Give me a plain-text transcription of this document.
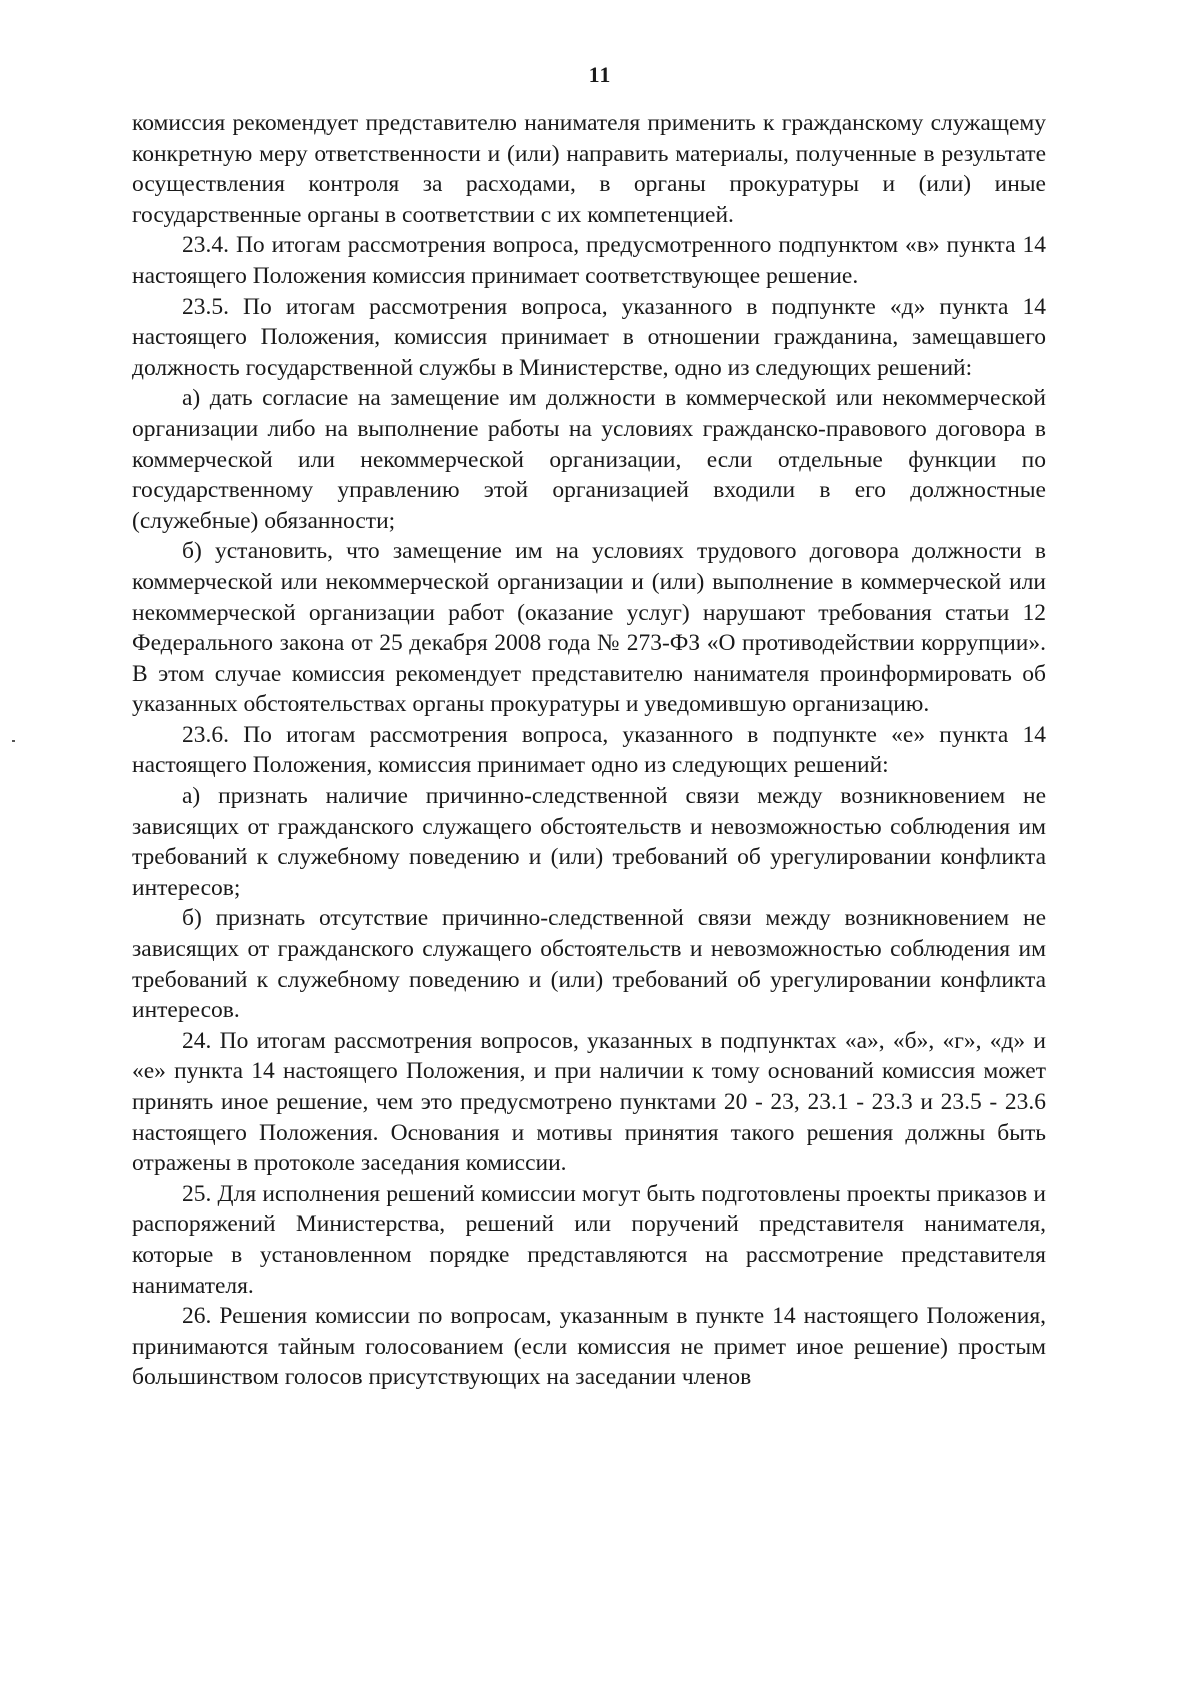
11

комиссия рекомендует представителю нанимателя применить к гражданскому служащему конкретную меру ответственности и (или) направить материалы, полученные в результате осуществления контроля за расходами, в органы прокуратуры и (или) иные государственные органы в соответствии с их компетенцией.

23.4. По итогам рассмотрения вопроса, предусмотренного подпунктом «в» пункта 14 настоящего Положения комиссия принимает соответствующее решение.

23.5. По итогам рассмотрения вопроса, указанного в подпункте «д» пункта 14 настоящего Положения, комиссия принимает в отношении гражданина, замещавшего должность государственной службы в Министерстве, одно из следующих решений:

а) дать согласие на замещение им должности в коммерческой или некоммерческой организации либо на выполнение работы на условиях гражданско-правового договора в коммерческой или некоммерческой организации, если отдельные функции по государственному управлению этой организацией входили в его должностные (служебные) обязанности;

б) установить, что замещение им на условиях трудового договора должности в коммерческой или некоммерческой организации и (или) выполнение в коммерческой или некоммерческой организации работ (оказание услуг) нарушают требования статьи 12 Федерального закона от 25 декабря 2008 года № 273-ФЗ «О противодействии коррупции». В этом случае комиссия рекомендует представителю нанимателя проинформировать об указанных обстоятельствах органы прокуратуры и уведомившую организацию.

23.6. По итогам рассмотрения вопроса, указанного в подпункте «е» пункта 14 настоящего Положения, комиссия принимает одно из следующих решений:

а) признать наличие причинно-следственной связи между возникновением не зависящих от гражданского служащего обстоятельств и невозможностью соблюдения им требований к служебному поведению и (или) требований об урегулировании конфликта интересов;

б) признать отсутствие причинно-следственной связи между возникновением не зависящих от гражданского служащего обстоятельств и невозможностью соблюдения им требований к служебному поведению и (или) требований об урегулировании конфликта интересов.

24. По итогам рассмотрения вопросов, указанных в подпунктах «а», «б», «г», «д» и «е» пункта 14 настоящего Положения, и при наличии к тому оснований комиссия может принять иное решение, чем это предусмотрено пунктами 20 - 23, 23.1 - 23.3 и 23.5 - 23.6 настоящего Положения. Основания и мотивы принятия такого решения должны быть отражены в протоколе заседания комиссии.

25. Для исполнения решений комиссии могут быть подготовлены проекты приказов и распоряжений Министерства, решений или поручений представителя нанимателя, которые в установленном порядке представляются на рассмотрение представителя нанимателя.

26. Решения комиссии по вопросам, указанным в пункте 14 настоящего Положения, принимаются тайным голосованием (если комиссия не примет иное решение) простым большинством голосов присутствующих на заседании членов
